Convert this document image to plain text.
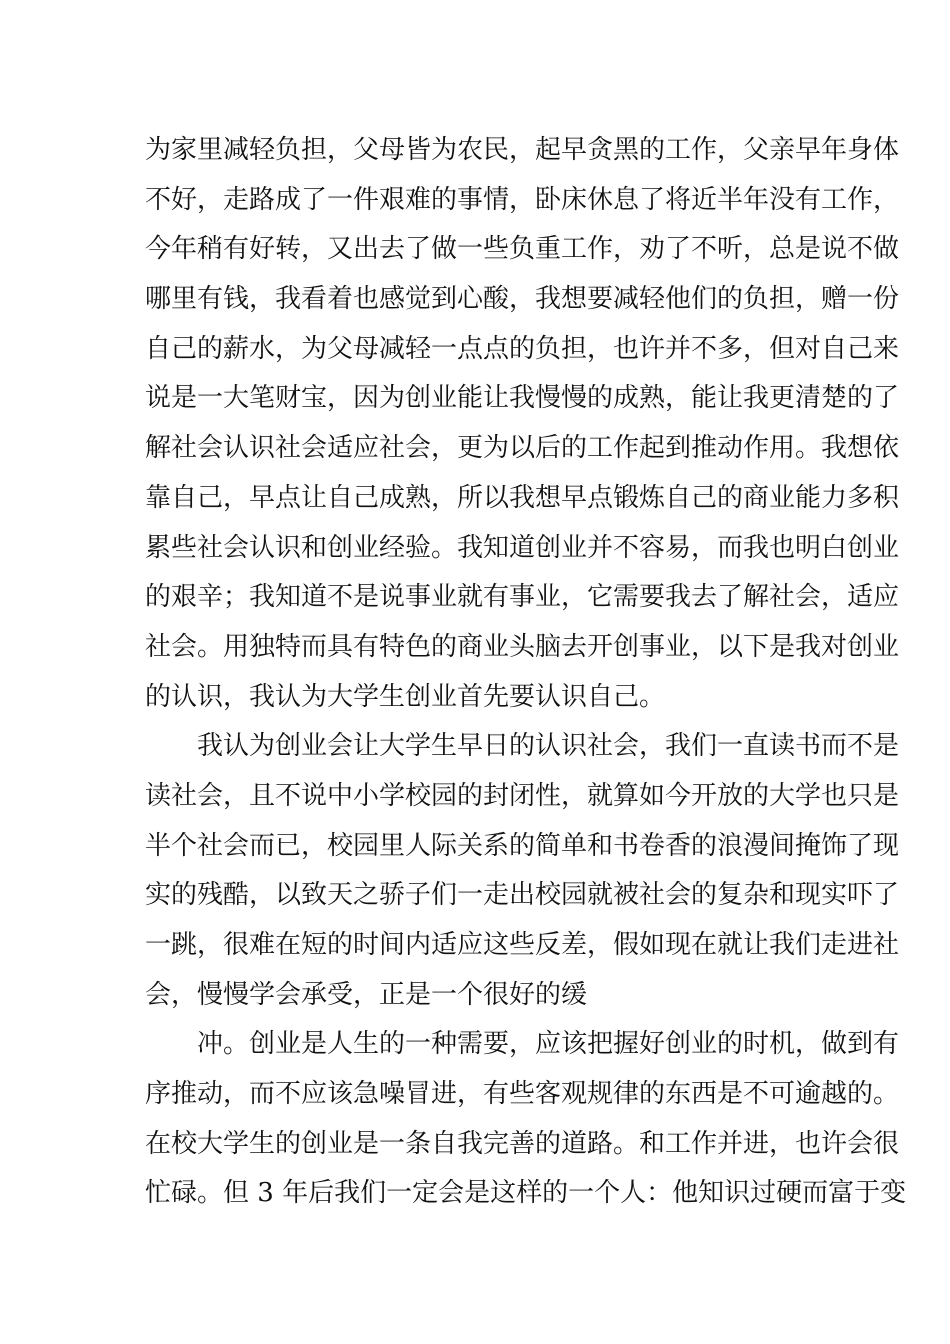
为家里减轻负担，父母皆为农民，起早贪黑的工作，父亲早年身体
不好，走路成了一件艰难的事情，卧床休息了将近半年没有工作，
今年稍有好转，又出去了做一些负重工作，劝了不听，总是说不做
哪里有钱，我看着也感觉到心酸，我想要减轻他们的负担，赠一份
自己的薪水，为父母减轻一点点的负担，也许并不多，但对自己来
说是一大笔财宝，因为创业能让我慢慢的成熟，能让我更清楚的了
解社会认识社会适应社会，更为以后的工作起到推动作用。我想依
靠自己，早点让自己成熟，所以我想早点锻炼自己的商业能力多积
累些社会认识和创业经验。我知道创业并不容易，而我也明白创业
的艰辛；我知道不是说事业就有事业，它需要我去了解社会，适应
社会。用独特而具有特色的商业头脑去开创事业，以下是我对创业
的认识，我认为大学生创业首先要认识自己。
我认为创业会让大学生早日的认识社会，我们一直读书而不是
读社会，且不说中小学校园的封闭性，就算如今开放的大学也只是
半个社会而已，校园里人际关系的简单和书卷香的浪漫间掩饰了现
实的残酷，以致天之骄子们一走出校园就被社会的复杂和现实吓了
一跳，很难在短的时间内适应这些反差，假如现在就让我们走进社
会，慢慢学会承受，正是一个很好的缓
冲。创业是人生的一种需要，应该把握好创业的时机，做到有
序推动，而不应该急噪冒进，有些客观规律的东西是不可逾越的。
在校大学生的创业是一条自我完善的道路。和工作并进，也许会很
忙碌。但 3 年后我们一定会是这样的一个人：他知识过硬而富于变
